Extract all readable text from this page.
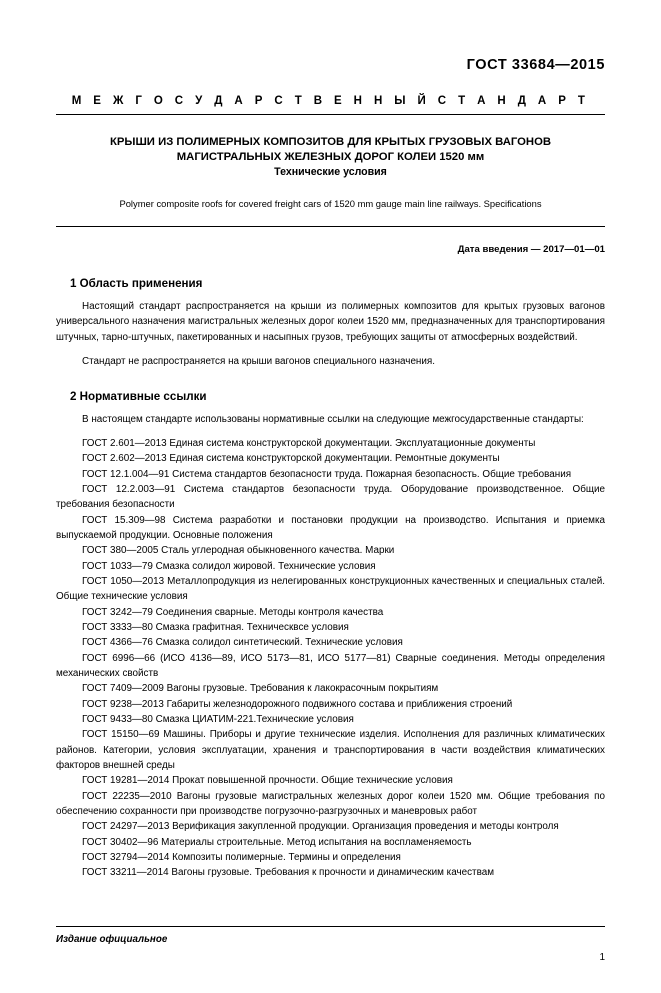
ГОСТ 33684—2015
М Е Ж Г О С У Д А Р С Т В Е Н Н Ы Й С Т А Н Д А Р Т
КРЫШИ ИЗ ПОЛИМЕРНЫХ КОМПОЗИТОВ ДЛЯ КРЫТЫХ ГРУЗОВЫХ ВАГОНОВ
МАГИСТРАЛЬНЫХ ЖЕЛЕЗНЫХ ДОРОГ КОЛЕИ 1520 мм
Технические условия
Polymer composite roofs for covered freight cars of 1520 mm gauge main line railways. Specifications
Дата введения — 2017—01—01
1 Область применения

Настоящий стандарт распространяется на крыши из полимерных композитов для крытых грузовых вагонов универсального назначения магистральных железных дорог колеи 1520 мм, предназначенных для транспортирования штучных, тарно-штучных, пакетированных и насыпных грузов, требующих защиты от атмосферных воздействий.

Стандарт не распространяется на крыши вагонов специального назначения.

2 Нормативные ссылки

В настоящем стандарте использованы нормативные ссылки на следующие межгосударственные стандарты:

ГОСТ 2.601—2013 Единая система конструкторской документации. Эксплуатационные документы

ГОСТ 2.602—2013 Единая система конструкторской документации. Ремонтные документы

ГОСТ 12.1.004—91 Система стандартов безопасности труда. Пожарная безопасность. Общие требования

ГОСТ 12.2.003—91 Система стандартов безопасности труда. Оборудование производственное. Общие требования безопасности

ГОСТ 15.309—98 Система разработки и постановки продукции на производство. Испытания и приемка выпускаемой продукции. Основные положения

ГОСТ 380—2005 Сталь углеродная обыкновенного качества. Марки

ГОСТ 1033—79 Смазка солидол жировой. Технические условия

ГОСТ 1050—2013 Металлопродукция из нелегированных конструкционных качественных и специальных сталей. Общие технические условия

ГОСТ 3242—79 Соединения сварные. Методы контроля качества

ГОСТ 3333—80 Смазка графитная. Техническвсе условия

ГОСТ 4366—76 Смазка солидол синтетический. Технические условия

ГОСТ 6996—66 (ИСО 4136—89, ИСО 5173—81, ИСО 5177—81) Сварные соединения. Методы определения механических свойств

ГОСТ 7409—2009 Вагоны грузовые. Требования к лакокрасочным покрытиям

ГОСТ 9238—2013 Габариты железнодорожного подвижного состава и приближения строений

ГОСТ 9433—80 Смазка ЦИАТИМ-221.Технические условия

ГОСТ 15150—69 Машины. Приборы и другие технические изделия. Исполнения для различных климатических районов. Категории, условия эксплуатации, хранения и транспортирования в части воздействия климатических факторов внешней среды

ГОСТ 19281—2014 Прокат повышенной прочности. Общие технические условия

ГОСТ 22235—2010 Вагоны грузовые магистральных железных дорог колеи 1520 мм. Общие требования по обеспечению сохранности при производстве погрузочно-разгрузочных и маневровых работ

ГОСТ 24297—2013 Верификация закупленной продукции. Организация проведения и методы контроля

ГОСТ 30402—96 Материалы строительные. Метод испытания на воспламеняемость

ГОСТ 32794—2014 Композиты полимерные. Термины и определения

ГОСТ 33211—2014 Вагоны грузовые. Требования к прочности и динамическим качествам

Издание официальное
1
